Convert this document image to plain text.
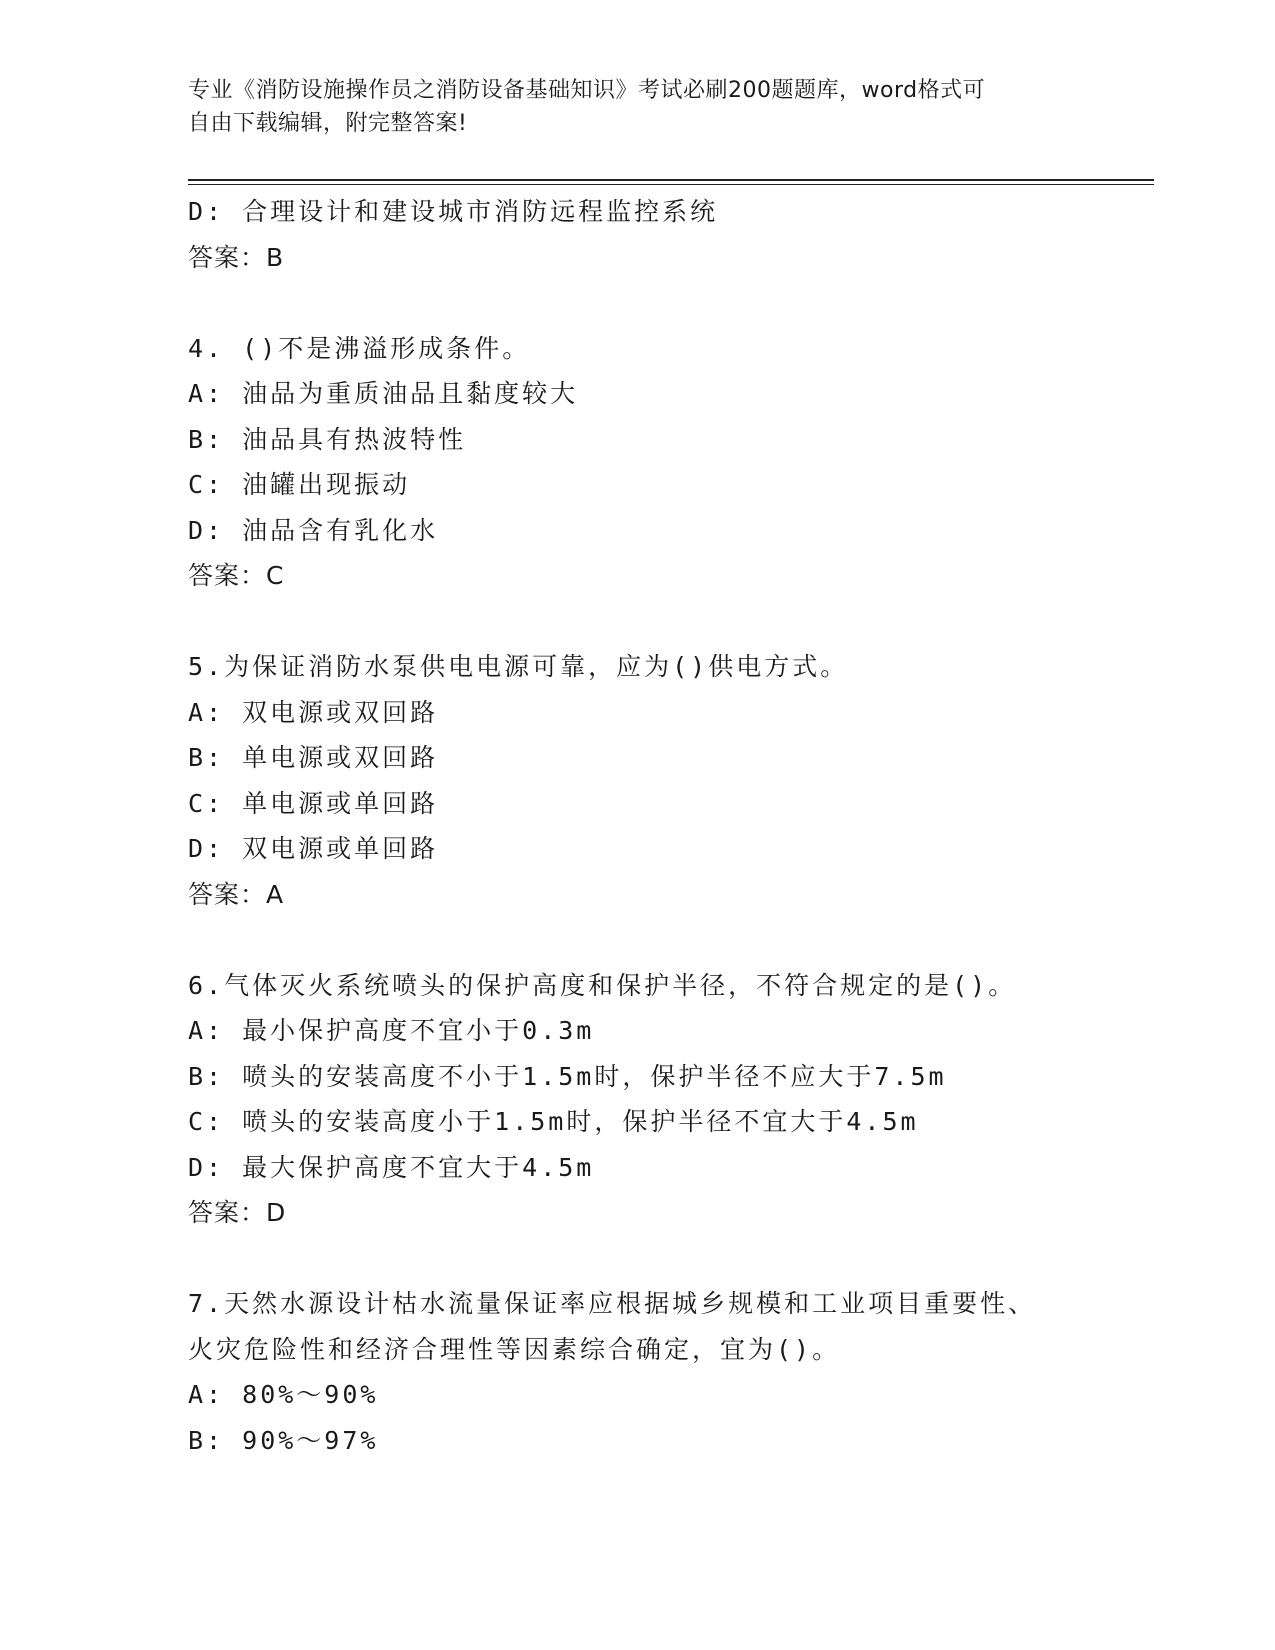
专业《消防设施操作员之消防设备基础知识》考试必刷200题题库，word格式可
自由下载编辑，附完整答案!
D: 合理设计和建设城市消防远程监控系统
答案：B
4. ()不是沸溢形成条件。
A: 油品为重质油品且黏度较大
B: 油品具有热波特性
C: 油罐出现振动
D: 油品含有乳化水
答案：C
5.为保证消防水泵供电电源可靠，应为()供电方式。
A: 双电源或双回路
B: 单电源或双回路
C: 单电源或单回路
D: 双电源或单回路
答案：A
6.气体灭火系统喷头的保护高度和保护半径，不符合规定的是()。
A: 最小保护高度不宜小于0.3m
B: 喷头的安装高度不小于1.5m时，保护半径不应大于7.5m
C: 喷头的安装高度小于1.5m时，保护半径不宜大于4.5m
D: 最大保护高度不宜大于4.5m
答案：D
7.天然水源设计枯水流量保证率应根据城乡规模和工业项目重要性、
火灾危险性和经济合理性等因素综合确定，宜为()。
A: 80%～90%
B: 90%～97%
